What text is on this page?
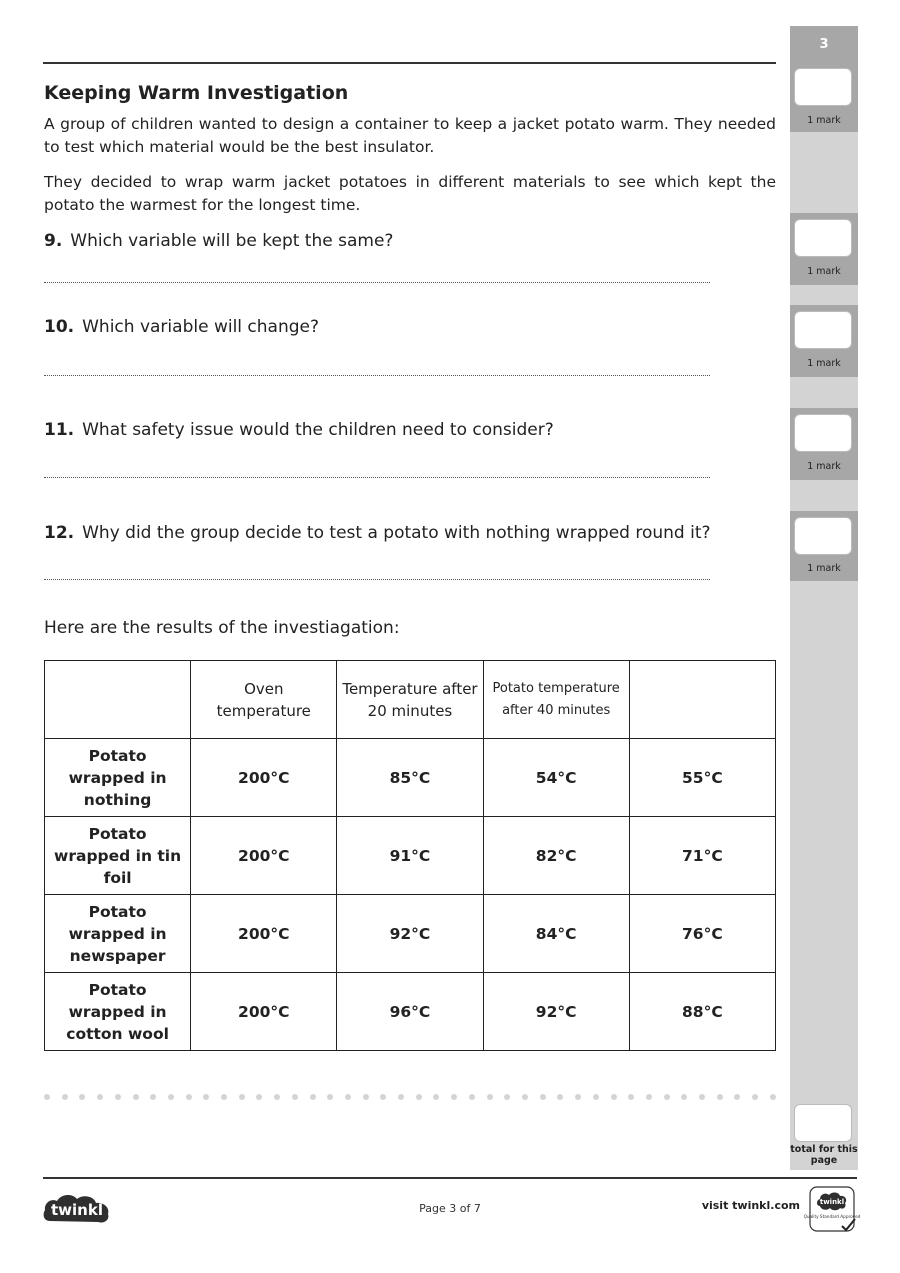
Keeping Warm Investigation

A group of children wanted to design a container to keep a jacket potato warm. They needed to test which material would be the best insulator.

They decided to wrap warm jacket potatoes in different materials to see which kept the potato the warmest for the longest time.

9. Which variable will be kept the same?

10. Which variable will change?

11. What safety issue would the children need to consider?

12. Why did the group decide to test a potato with nothing wrapped round it?

Here are the results of the investiagation:

	Oven temperature	Temperature after 20 minutes	Potato temperature after 40 minutes	
Potato wrapped in nothing	200°C	85°C	54°C	55°C
Potato wrapped in tin foil	200°C	91°C	82°C	71°C
Potato wrapped in newspaper	200°C	92°C	84°C	76°C
Potato wrapped in cotton wool	200°C	96°C	92°C	88°C
3
1 mark
1 mark
1 mark
1 mark
1 mark
total for this page
twinkl	Page 3 of 7	visit twinkl.com	twinkl
Quality Standard Approved
